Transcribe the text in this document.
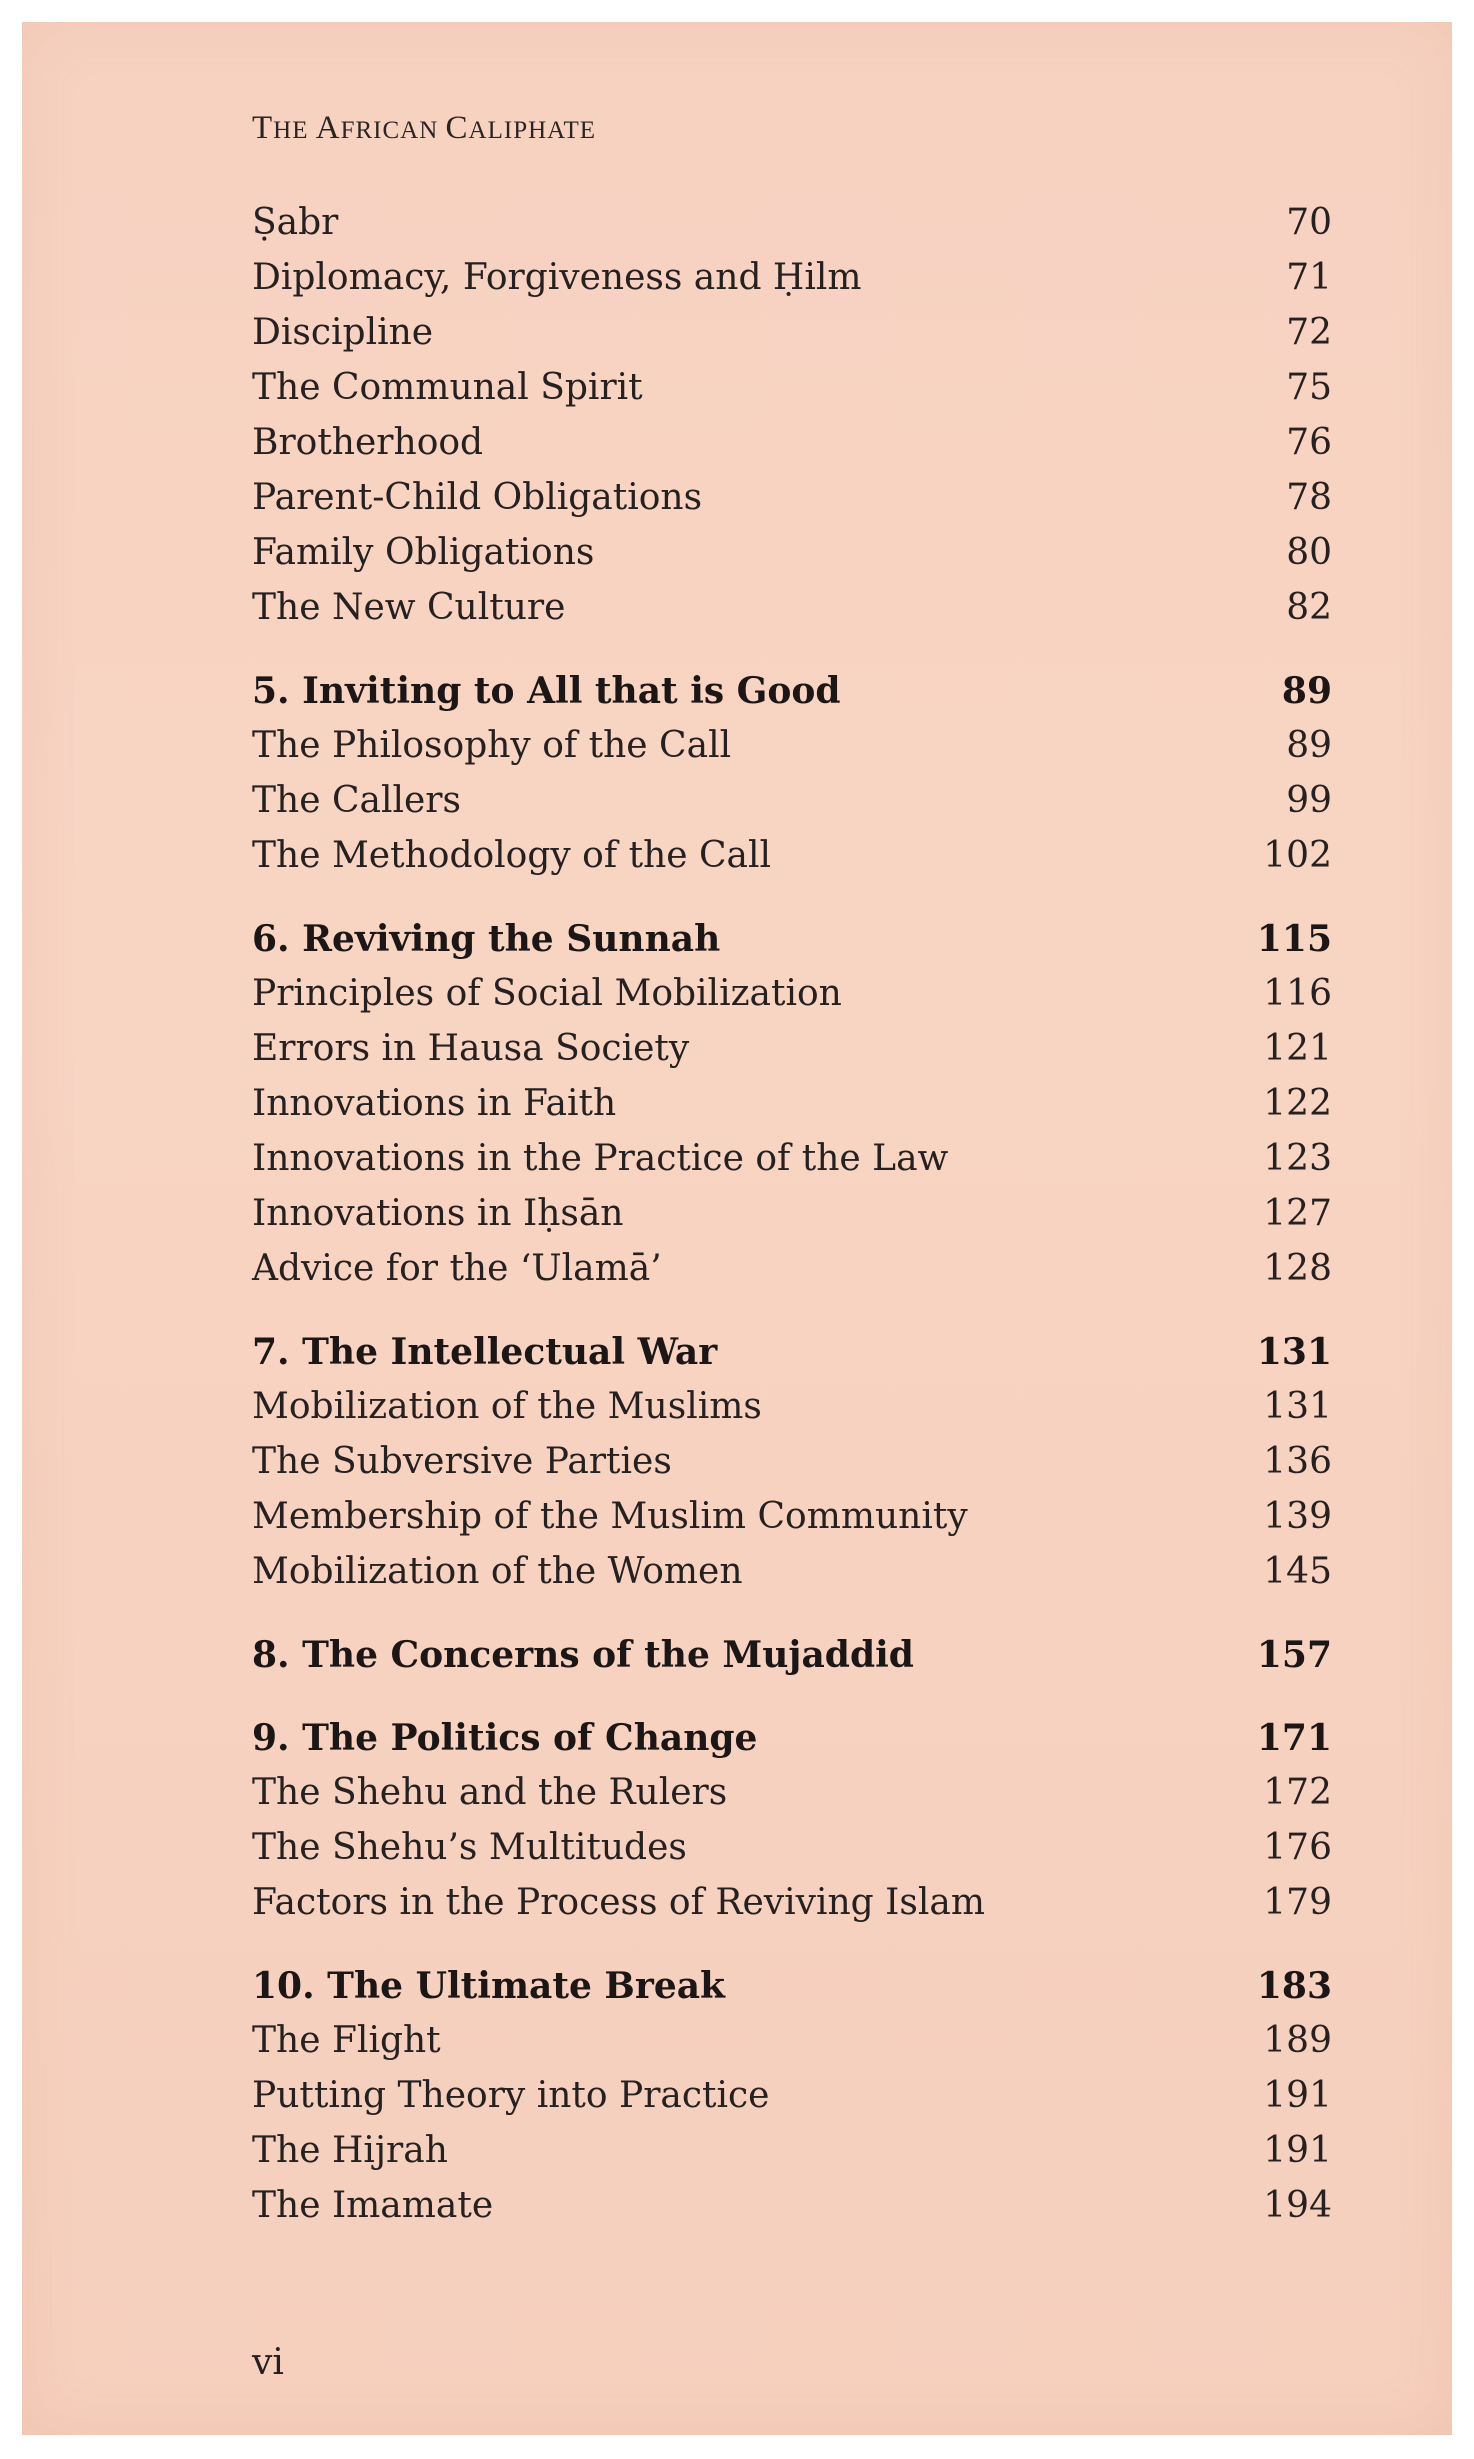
THE AFRICAN CALIPHATE
Ṣabr	70
Diplomacy, Forgiveness and Ḥilm	71
Discipline	72
The Communal Spirit	75
Brotherhood	76
Parent-Child Obligations	78
Family Obligations	80
The New Culture	82
5. Inviting to All that is Good	89
The Philosophy of the Call	89
The Callers	99
The Methodology of the Call	102
6. Reviving the Sunnah	115
Principles of Social Mobilization	116
Errors in Hausa Society	121
Innovations in Faith	122
Innovations in the Practice of the Law	123
Innovations in Iḥsān	127
Advice for the ‘Ulamā’	128
7. The Intellectual War	131
Mobilization of the Muslims	131
The Subversive Parties	136
Membership of the Muslim Community	139
Mobilization of the Women	145
8. The Concerns of the Mujaddid	157
9. The Politics of Change	171
The Shehu and the Rulers	172
The Shehu’s Multitudes	176
Factors in the Process of Reviving Islam	179
10. The Ultimate Break	183
The Flight	189
Putting Theory into Practice	191
The Hijrah	191
The Imamate	194
vi
